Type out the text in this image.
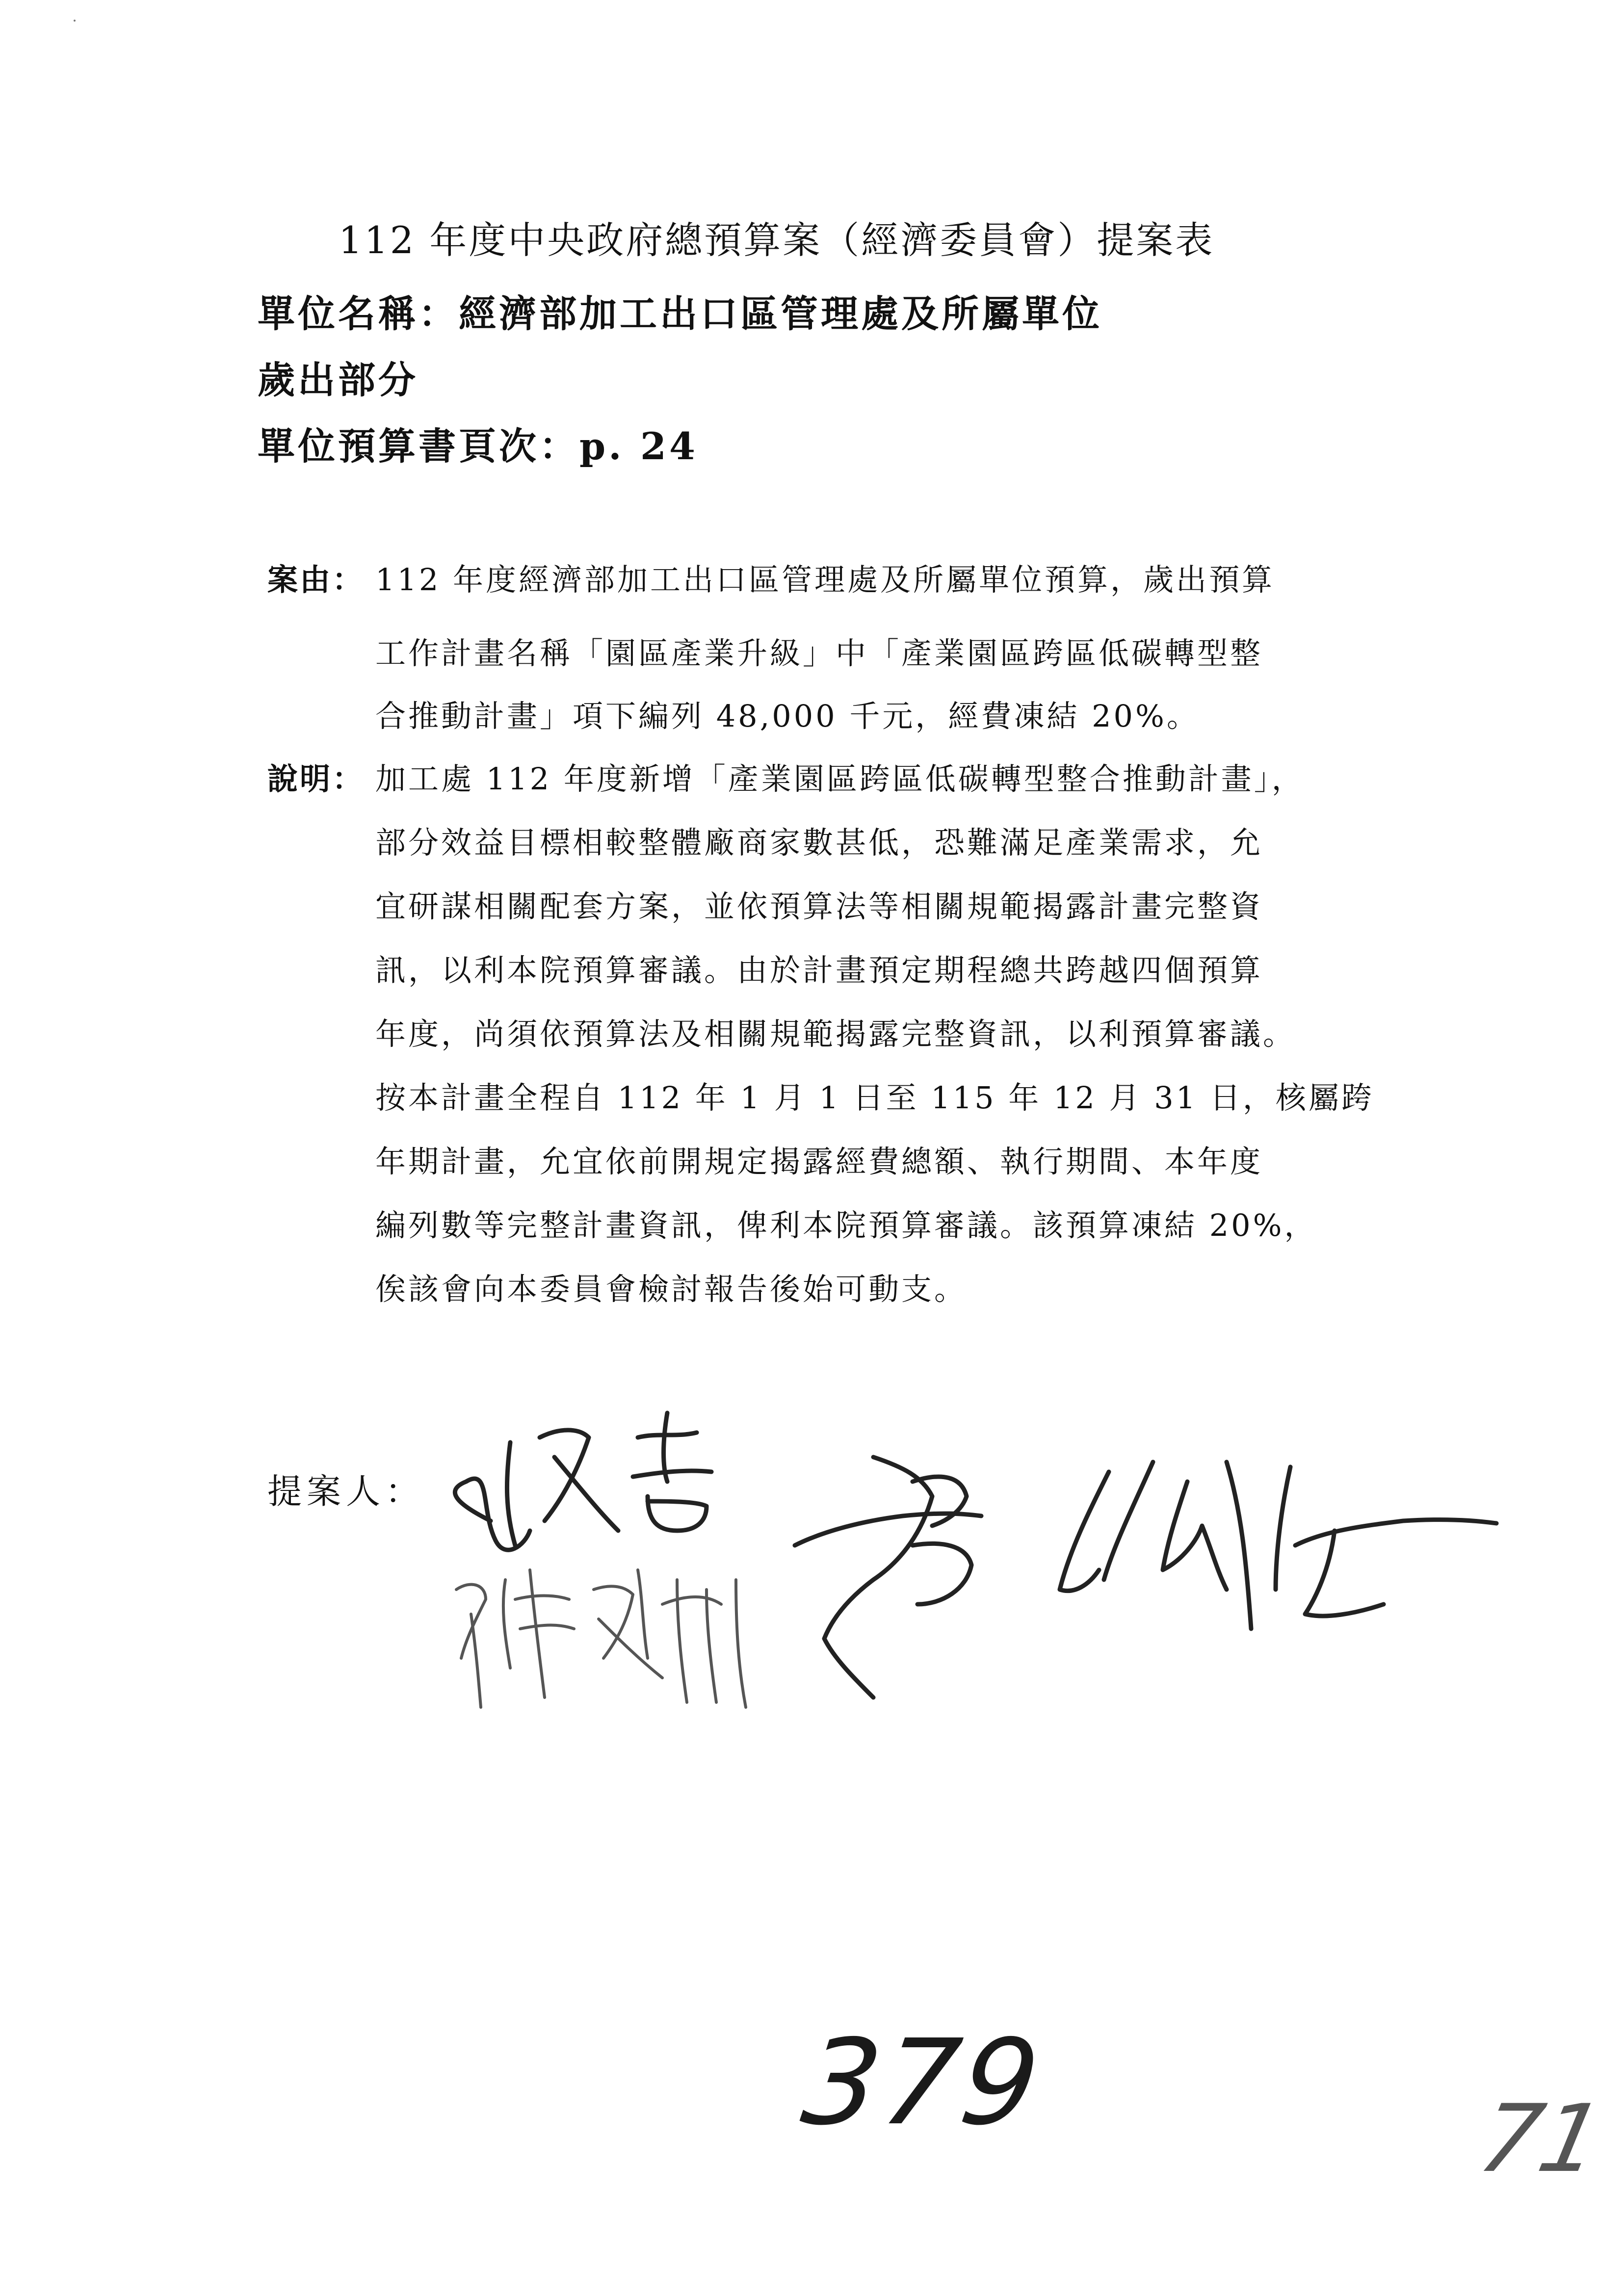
112 年度中央政府總預算案（經濟委員會）提案表
單位名稱：經濟部加工出口區管理處及所屬單位
歲出部分
單位預算書頁次：p. 24
案由： 112 年度經濟部加工出口區管理處及所屬單位預算，歲出預算
工作計畫名稱「園區產業升級」中「產業園區跨區低碳轉型整
合推動計畫」項下編列 48,000 千元，經費凍結 20%。
說明： 加工處 112 年度新增「產業園區跨區低碳轉型整合推動計畫」，
部分效益目標相較整體廠商家數甚低，恐難滿足產業需求，允
宜研謀相關配套方案，並依預算法等相關規範揭露計畫完整資
訊，以利本院預算審議。由於計畫預定期程總共跨越四個預算
年度，尚須依預算法及相關規範揭露完整資訊，以利預算審議。
按本計畫全程自 112 年 1 月 1 日至 115 年 12 月 31 日，核屬跨
年期計畫，允宜依前開規定揭露經費總額、執行期間、本年度
編列數等完整計畫資訊，俾利本院預算審議。該預算凍結 20%，
俟該會向本委員會檢討報告後始可動支。
提案人：
379	71
